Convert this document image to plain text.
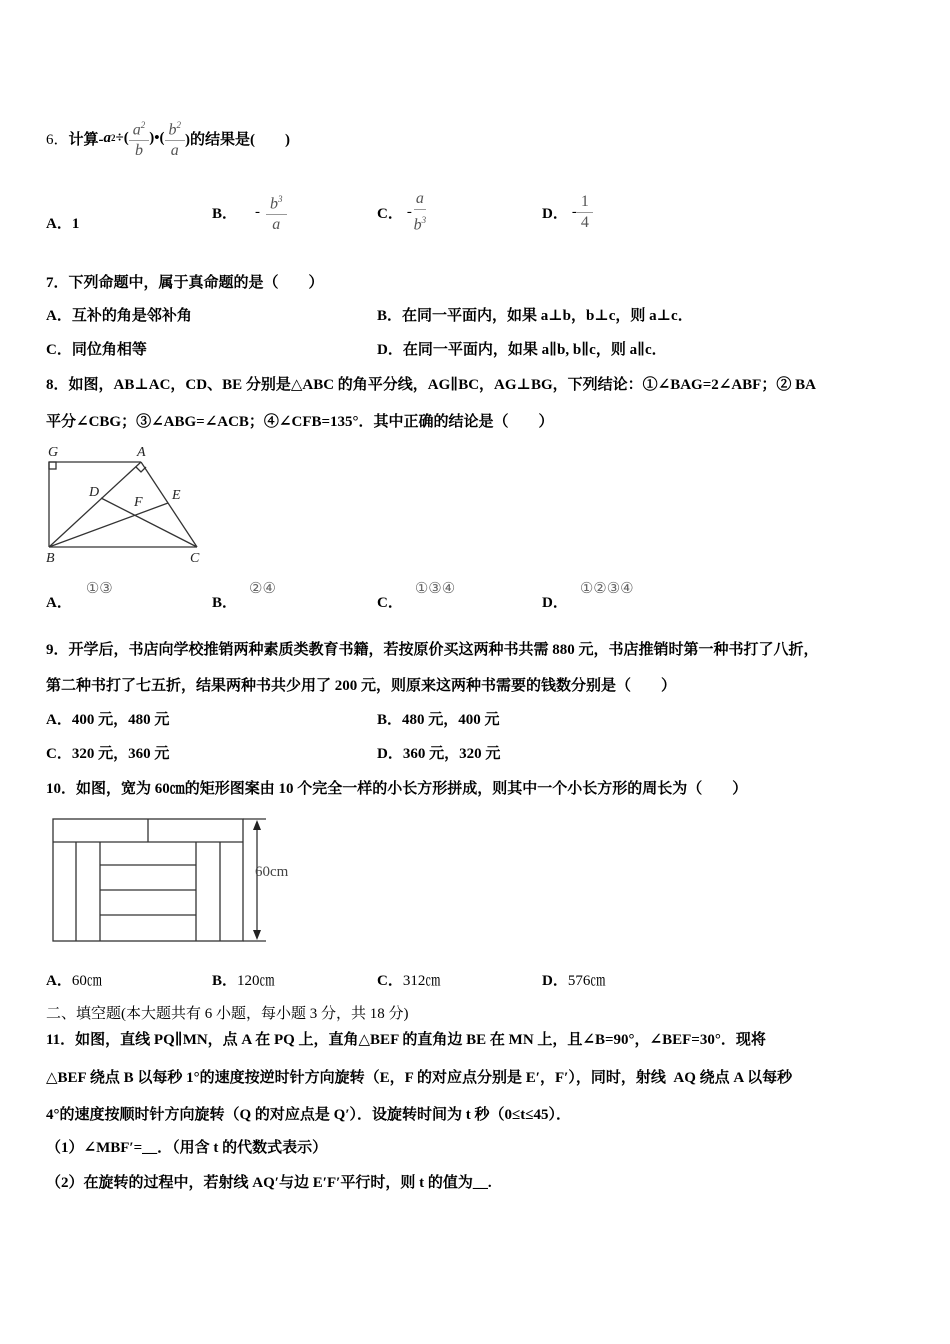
6． 计算- a 2 ÷( $\frac{a^2}{b}$ )•( $\frac{b^2}{a}$ )的结果是(        )
A．1
B． - $\frac{b^3}{a}$	C． - $\frac{a}{b^3}$	D． - $\frac{1}{4}$
7．下列命题中，属于真命题的是（        ）
A．互补的角是邻补角	B．在同一平面内，如果 a⊥b，b⊥c，则 a⊥c．
C．同位角相等	D．在同一平面内，如果 a∥b, b∥c，则 a∥c．
8．如图，AB⊥AC，CD、BE 分别是△ABC 的角平分线，AG∥BC，AG⊥BG，下列结论：①∠BAG=2∠ABF；② BA
平分∠CBG；③∠ABG=∠ACB；④∠CFB=135°．其中正确的结论是（        ）
G	A
D
F E
B	C
A．①③
B．②④
C．①③④
D．①②③④
9．开学后，书店向学校推销两种素质类教育书籍，若按原价买这两种书共需 880 元，书店推销时第一种书打了八折，
第二种书打了七五折，结果两种书共少用了 200 元，则原来这两种书需要的钱数分别是（        ）
A．400 元，480 元	B．480 元，400 元
C．320 元，360 元	D．360 元，320 元
10．如图，宽为 60㎝的矩形图案由 10 个完全一样的小长方形拼成，则其中一个小长方形的周长为（        ）
60cm
A．60㎝	B．120㎝	C．312㎝	D．576㎝
二、填空题(本大题共有 6 小题，每小题 3 分，共 18 分)
11．如图，直线 PQ∥MN，点 A 在 PQ 上，直角△BEF 的直角边 BE 在 MN 上，且∠B=90°，∠BEF=30°．现将
△BEF 绕点 B 以每秒 1°的速度按逆时针方向旋转（E，F 的对应点分别是 E′，F′），同时，射线  AQ 绕点 A 以每秒
4°的速度按顺时针方向旋转（Q 的对应点是 Q′）．设旋转时间为 t 秒（0≤t≤45）．
（1）∠MBF′=__．（用含 t 的代数式表示）
（2）在旋转的过程中，若射线 AQ′与边 E′F′平行时，则 t 的值为__.
